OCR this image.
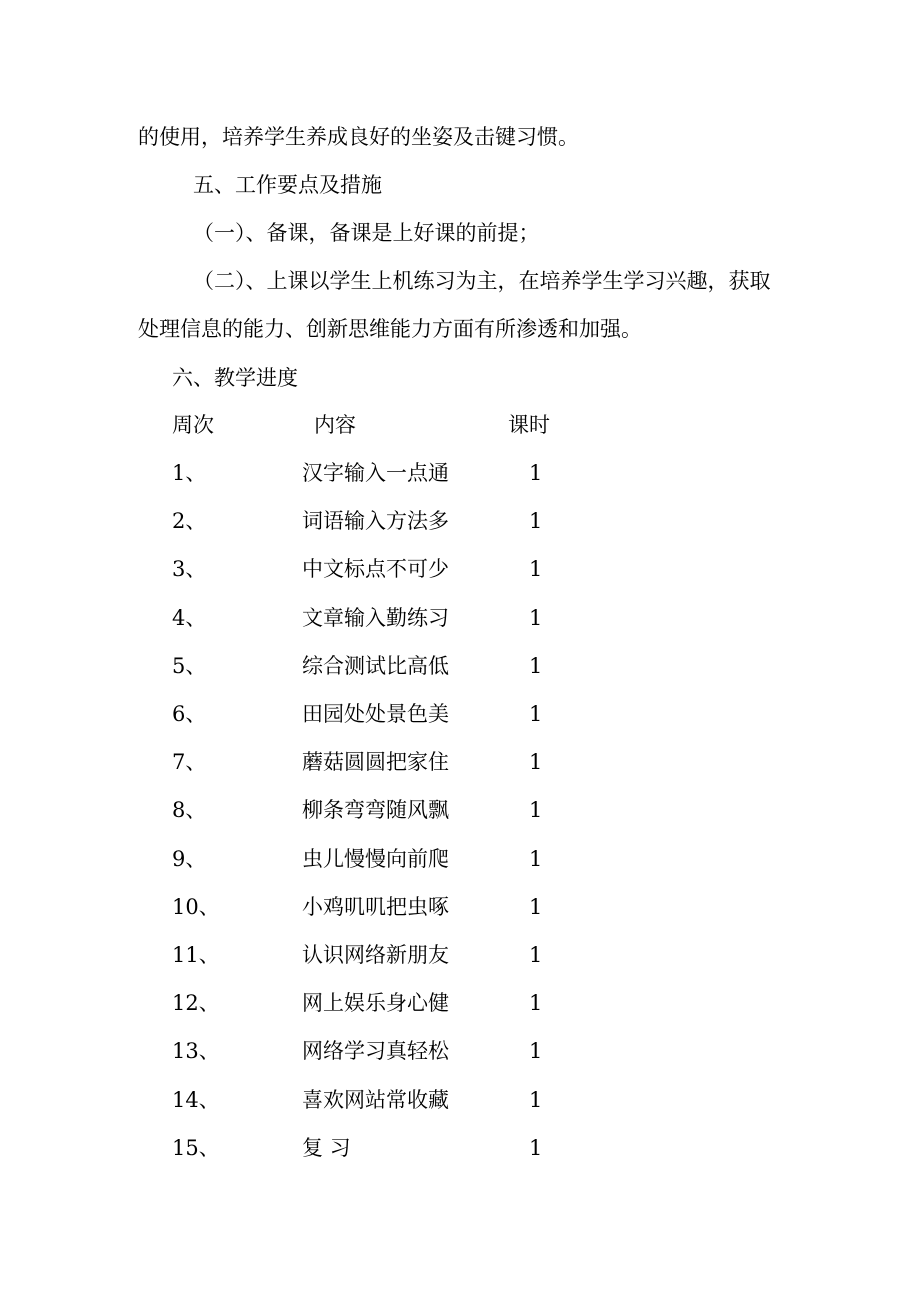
的使用，培养学生养成良好的坐姿及击键习惯。
五、工作要点及措施
（一）、备课，备课是上好课的前提；
（二）、上课以学生上机练习为主，在培养学生学习兴趣，获取
处理信息的能力、创新思维能力方面有所渗透和加强。
六、教学进度
周次	内容	课时
1、	汉字输入一点通	1
2、	词语输入方法多	1
3、	中文标点不可少	1
4、	文章输入勤练习	1
5、	综合测试比高低	1
6、	田园处处景色美	1
7、	蘑菇圆圆把家住	1
8、	柳条弯弯随风飘	1
9、	虫儿慢慢向前爬	1
10、	小鸡叽叽把虫啄	1
11、	认识网络新朋友	1
12、	网上娱乐身心健	1
13、	网络学习真轻松	1
14、	喜欢网站常收藏	1
15、	复 习	1
